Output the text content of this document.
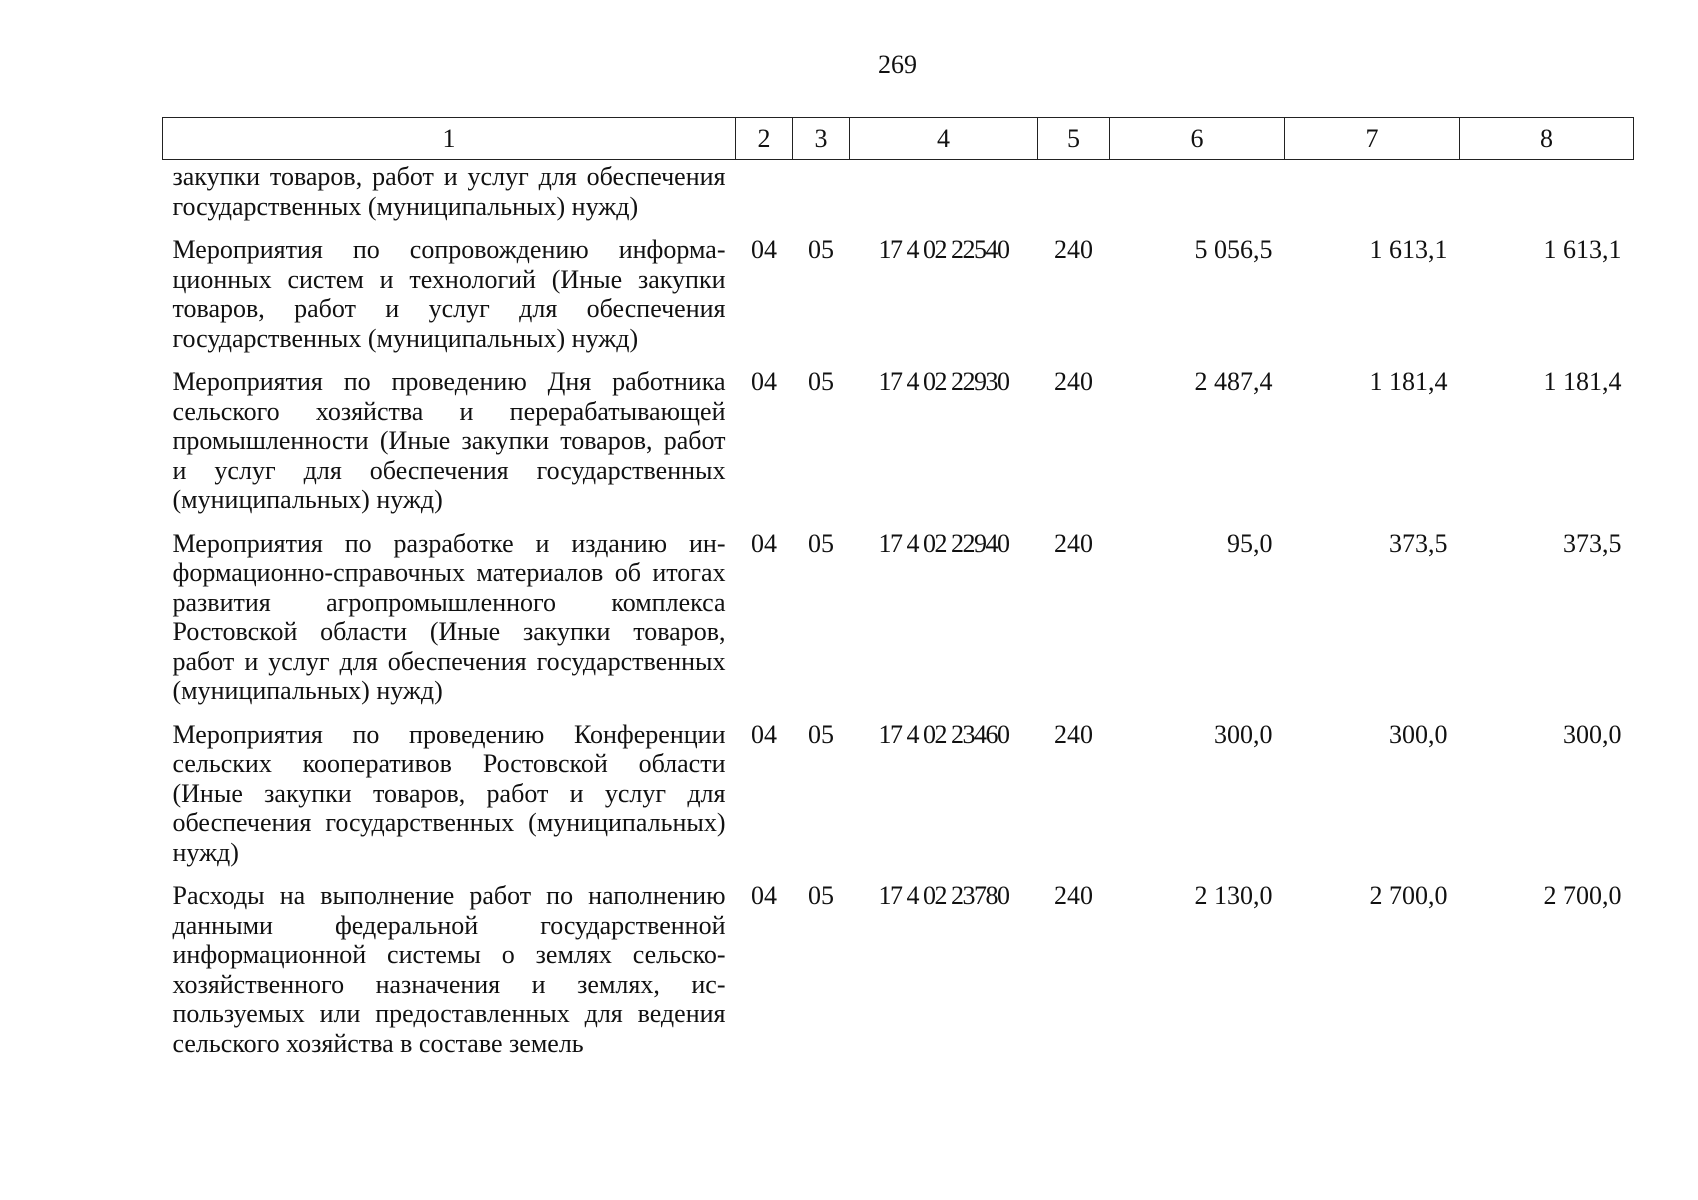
269
1	2	3	4	5	6	7	8
закупки товаров, работ и услуг для обеспечения государственных (муниципальных) нужд)							
Мероприятия по сопровождению информационных систем и технологий (Иные закупки товаров, работ и услуг для обеспечения государственных (муниципальных) нужд)	04	05	17 4 02 22540	240	5 056,5	1 613,1	1 613,1
Мероприятия по проведению Дня работника сельского хозяйства и перерабатывающей промышленности (Иные закупки товаров, работ и услуг для обеспечения государственных (муниципальных) нужд)	04	05	17 4 02 22930	240	2 487,4	1 181,4	1 181,4
Мероприятия по разработке и изданию информационно-справочных материалов об итогах развития агропромышленного комплекса Ростовской области (Иные закупки товаров, работ и услуг для обеспечения государственных (муниципальных) нужд)	04	05	17 4 02 22940	240	95,0	373,5	373,5
Мероприятия по проведению Конференции сельских кооперативов Ростовской области (Иные закупки товаров, работ и услуг для обеспечения государственных (муниципальных) нужд)	04	05	17 4 02 23460	240	300,0	300,0	300,0
Расходы на выполнение работ по наполнению данными федеральной государственной информационной системы о землях сельскохозяйственного назначения и землях, используемых или предоставленных для ведения сельского хозяйства в составе земель	04	05	17 4 02 23780	240	2 130,0	2 700,0	2 700,0
